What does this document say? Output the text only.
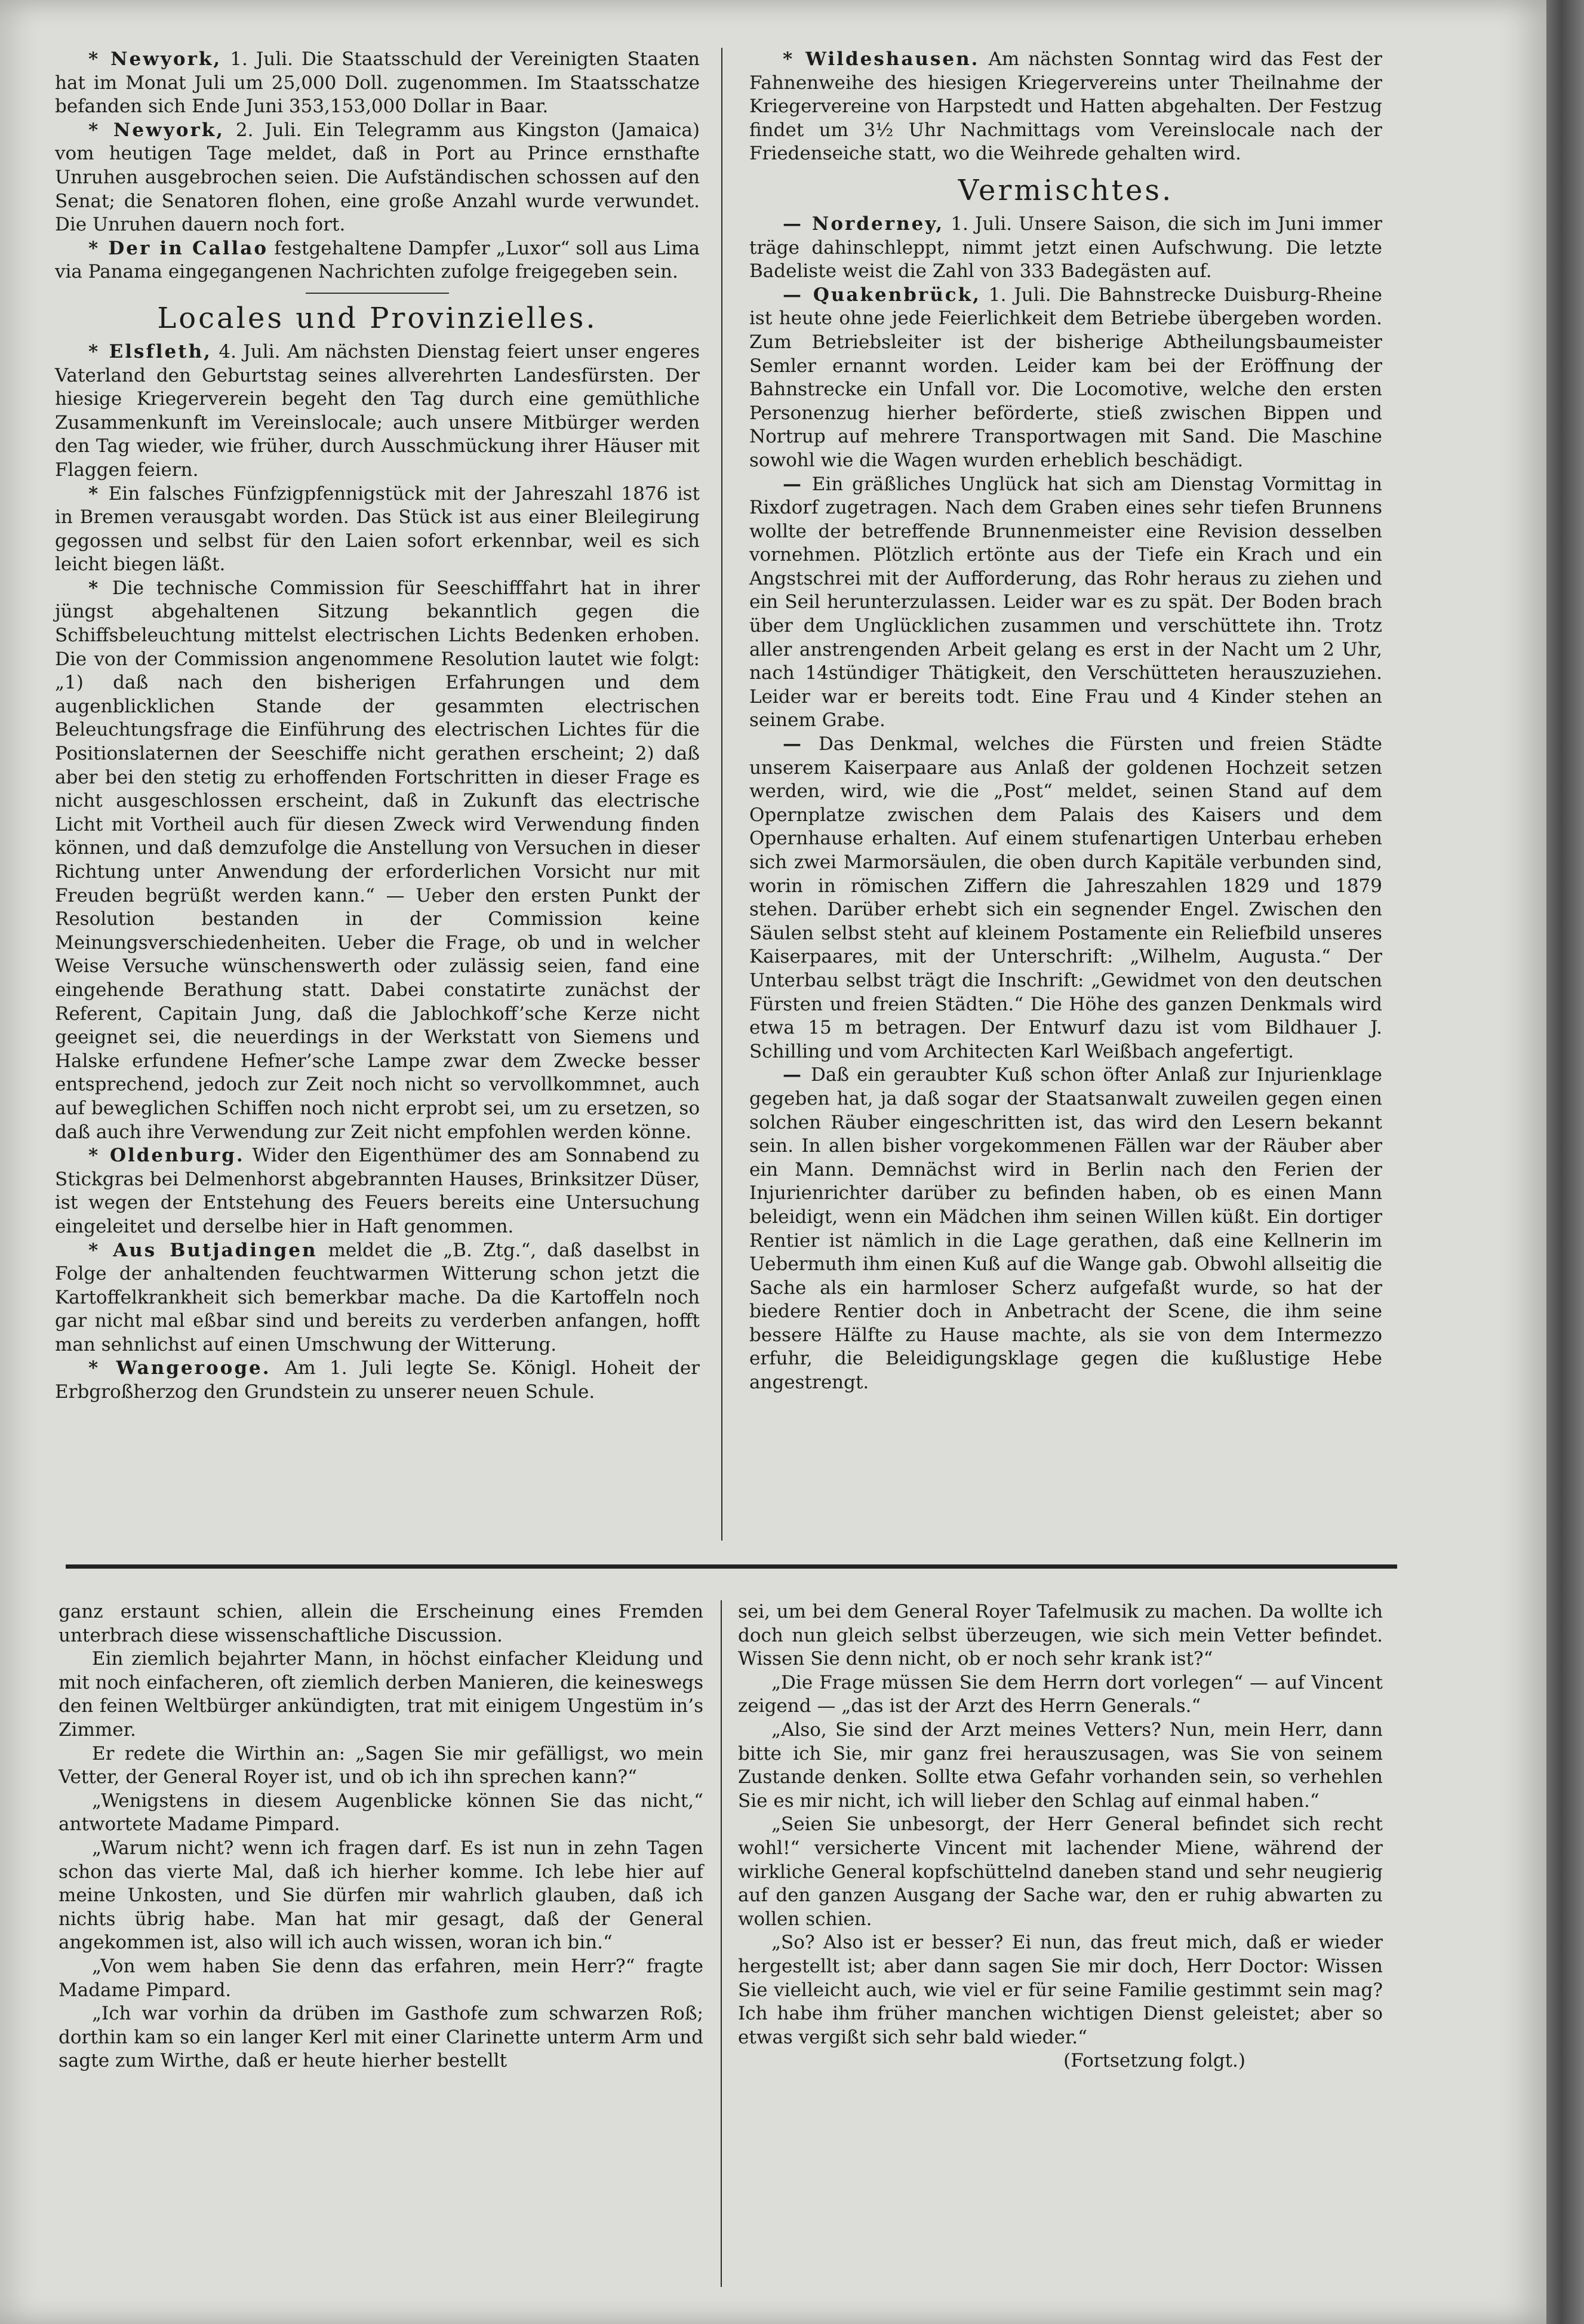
* Newyork, 1. Juli. Die Staatsschuld der Vereinigten Staaten hat im Monat Juli um 25,000 Doll. zugenommen. Im Staatsschatze befanden sich Ende Juni 353,153,000 Dollar in Baar.

* Newyork, 2. Juli. Ein Telegramm aus Kingston (Jamaica) vom heutigen Tage meldet, daß in Port au Prince ernsthafte Unruhen ausgebrochen seien. Die Aufständischen schossen auf den Senat; die Senatoren flohen, eine große Anzahl wurde verwundet. Die Unruhen dauern noch fort.

* Der in Callao festgehaltene Dampfer „Luxor“ soll aus Lima via Panama eingegangenen Nachrichten zufolge freigegeben sein.

Locales und Provinzielles.

* Elsfleth, 4. Juli. Am nächsten Dienstag feiert unser engeres Vaterland den Geburtstag seines allverehrten Landesfürsten. Der hiesige Kriegerverein begeht den Tag durch eine gemüthliche Zusammenkunft im Vereinslocale; auch unsere Mitbürger werden den Tag wieder, wie früher, durch Ausschmückung ihrer Häuser mit Flaggen feiern.

* Ein falsches Fünfzigpfennigstück mit der Jahreszahl 1876 ist in Bremen verausgabt worden. Das Stück ist aus einer Bleilegirung gegossen und selbst für den Laien sofort erkennbar, weil es sich leicht biegen läßt.

* Die technische Commission für Seeschifffahrt hat in ihrer jüngst abgehaltenen Sitzung bekanntlich gegen die Schiffsbeleuchtung mittelst electrischen Lichts Bedenken erhoben. Die von der Commission angenommene Resolution lautet wie folgt: „1) daß nach den bisherigen Erfahrungen und dem augenblicklichen Stande der gesammten electrischen Beleuchtungsfrage die Einführung des electrischen Lichtes für die Positionslaternen der Seeschiffe nicht gerathen erscheint; 2) daß aber bei den stetig zu erhoffenden Fortschritten in dieser Frage es nicht ausgeschlossen erscheint, daß in Zukunft das electrische Licht mit Vortheil auch für diesen Zweck wird Verwendung finden können, und daß demzufolge die Anstellung von Versuchen in dieser Richtung unter Anwendung der erforderlichen Vorsicht nur mit Freuden begrüßt werden kann.“ — Ueber den ersten Punkt der Resolution bestanden in der Commission keine Meinungsverschiedenheiten. Ueber die Frage, ob und in welcher Weise Versuche wünschenswerth oder zulässig seien, fand eine eingehende Berathung statt. Dabei constatirte zunächst der Referent, Capitain Jung, daß die Jablochkoff’sche Kerze nicht geeignet sei, die neuerdings in der Werkstatt von Siemens und Halske erfundene Hefner’sche Lampe zwar dem Zwecke besser entsprechend, jedoch zur Zeit noch nicht so vervollkommnet, auch auf beweglichen Schiffen noch nicht erprobt sei, um zu ersetzen, so daß auch ihre Verwendung zur Zeit nicht empfohlen werden könne.

* Oldenburg. Wider den Eigenthümer des am Sonnabend zu Stickgras bei Delmenhorst abgebrannten Hauses, Brinksitzer Düser, ist wegen der Entstehung des Feuers bereits eine Untersuchung eingeleitet und derselbe hier in Haft genommen.

* Aus Butjadingen meldet die „B. Ztg.“, daß daselbst in Folge der anhaltenden feuchtwarmen Witterung schon jetzt die Kartoffelkrankheit sich bemerkbar mache. Da die Kartoffeln noch gar nicht mal eßbar sind und bereits zu verderben anfangen, hofft man sehnlichst auf einen Umschwung der Witterung.

* Wangerooge. Am 1. Juli legte Se. Königl. Hoheit der Erbgroßherzog den Grundstein zu unserer neuen Schule.

* Wildeshausen. Am nächsten Sonntag wird das Fest der Fahnenweihe des hiesigen Kriegervereins unter Theilnahme der Kriegervereine von Harpstedt und Hatten abgehalten. Der Festzug findet um 3½ Uhr Nachmittags vom Vereinslocale nach der Friedenseiche statt, wo die Weihrede gehalten wird.

Vermischtes.

— Norderney, 1. Juli. Unsere Saison, die sich im Juni immer träge dahinschleppt, nimmt jetzt einen Aufschwung. Die letzte Badeliste weist die Zahl von 333 Badegästen auf.

— Quakenbrück, 1. Juli. Die Bahnstrecke Duisburg-Rheine ist heute ohne jede Feierlichkeit dem Betriebe übergeben worden. Zum Betriebsleiter ist der bisherige Abtheilungsbaumeister Semler ernannt worden. Leider kam bei der Eröffnung der Bahnstrecke ein Unfall vor. Die Locomotive, welche den ersten Personenzug hierher beförderte, stieß zwischen Bippen und Nortrup auf mehrere Transportwagen mit Sand. Die Maschine sowohl wie die Wagen wurden erheblich beschädigt.

— Ein gräßliches Unglück hat sich am Dienstag Vormittag in Rixdorf zugetragen. Nach dem Graben eines sehr tiefen Brunnens wollte der betreffende Brunnenmeister eine Revision desselben vornehmen. Plötzlich ertönte aus der Tiefe ein Krach und ein Angstschrei mit der Aufforderung, das Rohr heraus zu ziehen und ein Seil herunterzulassen. Leider war es zu spät. Der Boden brach über dem Unglücklichen zusammen und verschüttete ihn. Trotz aller anstrengenden Arbeit gelang es erst in der Nacht um 2 Uhr, nach 14stündiger Thätigkeit, den Verschütteten herauszuziehen. Leider war er bereits todt. Eine Frau und 4 Kinder stehen an seinem Grabe.

— Das Denkmal, welches die Fürsten und freien Städte unserem Kaiserpaare aus Anlaß der goldenen Hochzeit setzen werden, wird, wie die „Post“ meldet, seinen Stand auf dem Opernplatze zwischen dem Palais des Kaisers und dem Opernhause erhalten. Auf einem stufenartigen Unterbau erheben sich zwei Marmorsäulen, die oben durch Kapitäle verbunden sind, worin in römischen Ziffern die Jahreszahlen 1829 und 1879 stehen. Darüber erhebt sich ein segnender Engel. Zwischen den Säulen selbst steht auf kleinem Postamente ein Reliefbild unseres Kaiserpaares, mit der Unterschrift: „Wilhelm, Augusta.“ Der Unterbau selbst trägt die Inschrift: „Gewidmet von den deutschen Fürsten und freien Städten.“ Die Höhe des ganzen Denkmals wird etwa 15 m betragen. Der Entwurf dazu ist vom Bildhauer J. Schilling und vom Architecten Karl Weißbach angefertigt.

— Daß ein geraubter Kuß schon öfter Anlaß zur Injurienklage gegeben hat, ja daß sogar der Staatsanwalt zuweilen gegen einen solchen Räuber eingeschritten ist, das wird den Lesern bekannt sein. In allen bisher vorgekommenen Fällen war der Räuber aber ein Mann. Demnächst wird in Berlin nach den Ferien der Injurienrichter darüber zu befinden haben, ob es einen Mann beleidigt, wenn ein Mädchen ihm seinen Willen küßt. Ein dortiger Rentier ist nämlich in die Lage gerathen, daß eine Kellnerin im Uebermuth ihm einen Kuß auf die Wange gab. Obwohl allseitig die Sache als ein harmloser Scherz aufgefaßt wurde, so hat der biedere Rentier doch in Anbetracht der Scene, die ihm seine bessere Hälfte zu Hause machte, als sie von dem Intermezzo erfuhr, die Beleidigungsklage gegen die kußlustige Hebe angestrengt.

ganz erstaunt schien, allein die Erscheinung eines Fremden unterbrach diese wissenschaftliche Discussion.

Ein ziemlich bejahrter Mann, in höchst einfacher Kleidung und mit noch einfacheren, oft ziemlich derben Manieren, die keineswegs den feinen Weltbürger ankündigten, trat mit einigem Ungestüm in’s Zimmer.

Er redete die Wirthin an: „Sagen Sie mir gefälligst, wo mein Vetter, der General Royer ist, und ob ich ihn sprechen kann?“

„Wenigstens in diesem Augenblicke können Sie das nicht,“ antwortete Madame Pimpard.

„Warum nicht? wenn ich fragen darf. Es ist nun in zehn Tagen schon das vierte Mal, daß ich hierher komme. Ich lebe hier auf meine Unkosten, und Sie dürfen mir wahrlich glauben, daß ich nichts übrig habe. Man hat mir gesagt, daß der General angekommen ist, also will ich auch wissen, woran ich bin.“

„Von wem haben Sie denn das erfahren, mein Herr?“ fragte Madame Pimpard.

„Ich war vorhin da drüben im Gasthofe zum schwarzen Roß; dorthin kam so ein langer Kerl mit einer Clarinette unterm Arm und sagte zum Wirthe, daß er heute hierher bestellt

sei, um bei dem General Royer Tafelmusik zu machen. Da wollte ich doch nun gleich selbst überzeugen, wie sich mein Vetter befindet. Wissen Sie denn nicht, ob er noch sehr krank ist?“

„Die Frage müssen Sie dem Herrn dort vorlegen“ — auf Vincent zeigend — „das ist der Arzt des Herrn Generals.“

„Also, Sie sind der Arzt meines Vetters? Nun, mein Herr, dann bitte ich Sie, mir ganz frei herauszusagen, was Sie von seinem Zustande denken. Sollte etwa Gefahr vorhanden sein, so verhehlen Sie es mir nicht, ich will lieber den Schlag auf einmal haben.“

„Seien Sie unbesorgt, der Herr General befindet sich recht wohl!“ versicherte Vincent mit lachender Miene, während der wirkliche General kopfschüttelnd daneben stand und sehr neugierig auf den ganzen Ausgang der Sache war, den er ruhig abwarten zu wollen schien.

„So? Also ist er besser? Ei nun, das freut mich, daß er wieder hergestellt ist; aber dann sagen Sie mir doch, Herr Doctor: Wissen Sie vielleicht auch, wie viel er für seine Familie gestimmt sein mag? Ich habe ihm früher manchen wichtigen Dienst geleistet; aber so etwas vergißt sich sehr bald wieder.“

(Fortsetzung folgt.)
